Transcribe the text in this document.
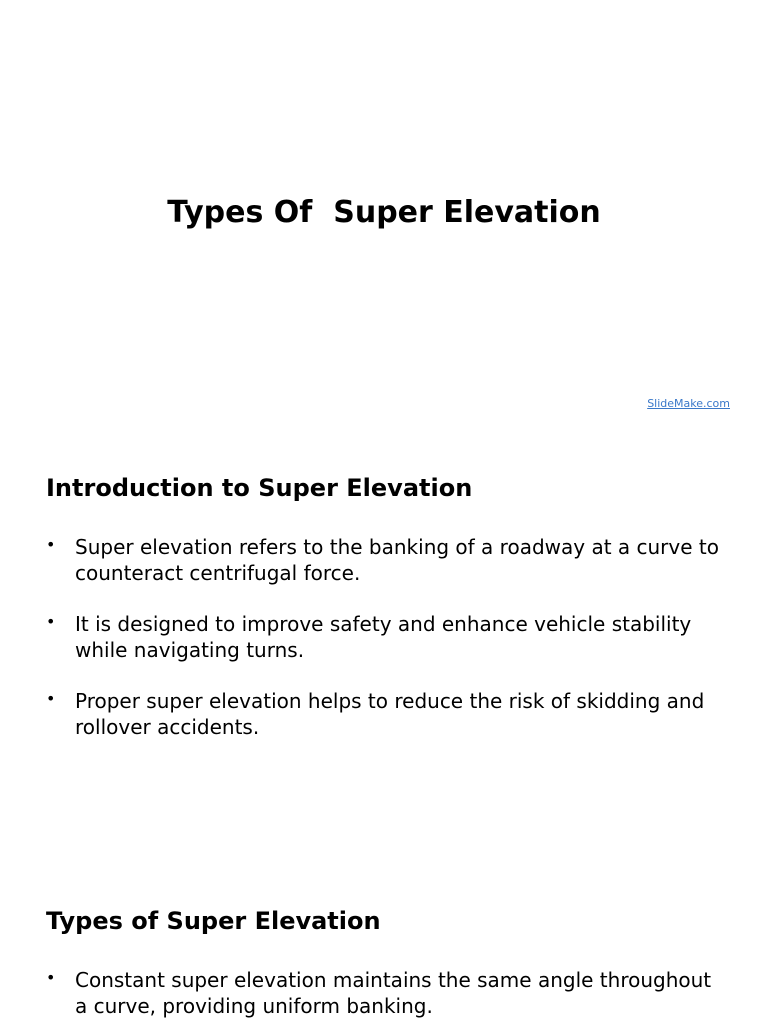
Types Of  Super Elevation
SlideMake.com
Introduction to Super Elevation
• Super elevation refers to the banking of a roadway at a curve to counteract centrifugal force.
• It is designed to improve safety and enhance vehicle stability while navigating turns.
• Proper super elevation helps to reduce the risk of skidding and rollover accidents.
Types of Super Elevation
• Constant super elevation maintains the same angle throughout a curve, providing uniform banking.
